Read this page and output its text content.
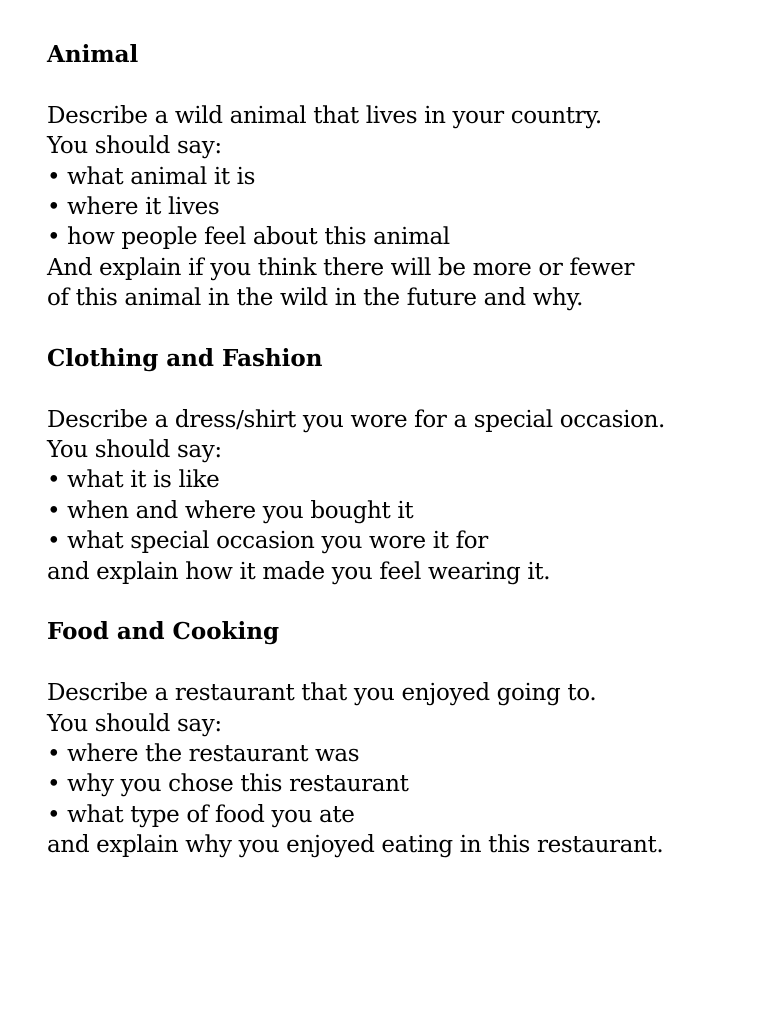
Animal
Describe a wild animal that lives in your country.
You should say:
• what animal it is
• where it lives
• how people feel about this animal
And explain if you think there will be more or fewer
of this animal in the wild in the future and why.
Clothing and Fashion
Describe a dress/shirt you wore for a special occasion.
You should say:
• what it is like
• when and where you bought it
• what special occasion you wore it for
and explain how it made you feel wearing it.
Food and Cooking
Describe a restaurant that you enjoyed going to.
You should say:
• where the restaurant was
• why you chose this restaurant
• what type of food you ate
and explain why you enjoyed eating in this restaurant.
